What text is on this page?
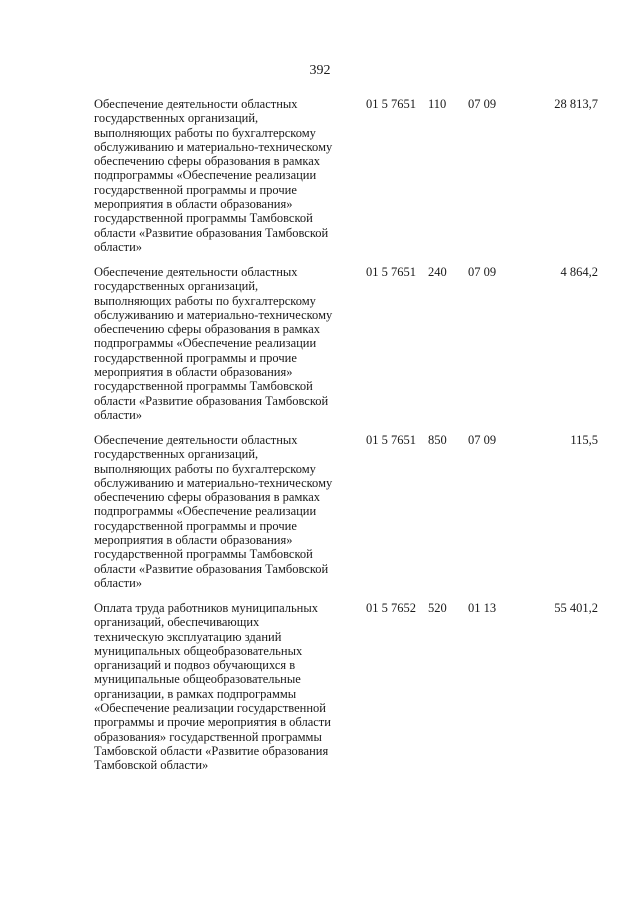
392
Обеспечение деятельности областных
государственных организаций,
выполняющих работы по бухгалтерскому
обслуживанию и материально-техническому
обеспечению сферы образования в рамках
подпрограммы «Обеспечение реализации
государственной программы и прочие
мероприятия в области образования»
государственной программы Тамбовской
области «Развитие образования Тамбовской
области»
01 5 7651 110 07 09	28 813,7
Обеспечение деятельности областных
государственных организаций,
выполняющих работы по бухгалтерскому
обслуживанию и материально-техническому
обеспечению сферы образования в рамках
подпрограммы «Обеспечение реализации
государственной программы и прочие
мероприятия в области образования»
государственной программы Тамбовской
области «Развитие образования Тамбовской
области»
01 5 7651 240 07 09	4 864,2
Обеспечение деятельности областных
государственных организаций,
выполняющих работы по бухгалтерскому
обслуживанию и материально-техническому
обеспечению сферы образования в рамках
подпрограммы «Обеспечение реализации
государственной программы и прочие
мероприятия в области образования»
государственной программы Тамбовской
области «Развитие образования Тамбовской
области»
01 5 7651 850 07 09	115,5
Оплата труда работников муниципальных
организаций, обеспечивающих
техническую эксплуатацию зданий
муниципальных общеобразовательных
организаций и подвоз обучающихся в
муниципальные общеобразовательные
организации, в рамках подпрограммы
«Обеспечение реализации государственной
программы и прочие мероприятия в области
образования» государственной программы
Тамбовской области «Развитие образования
Тамбовской области»
01 5 7652 520 01 13	55 401,2
